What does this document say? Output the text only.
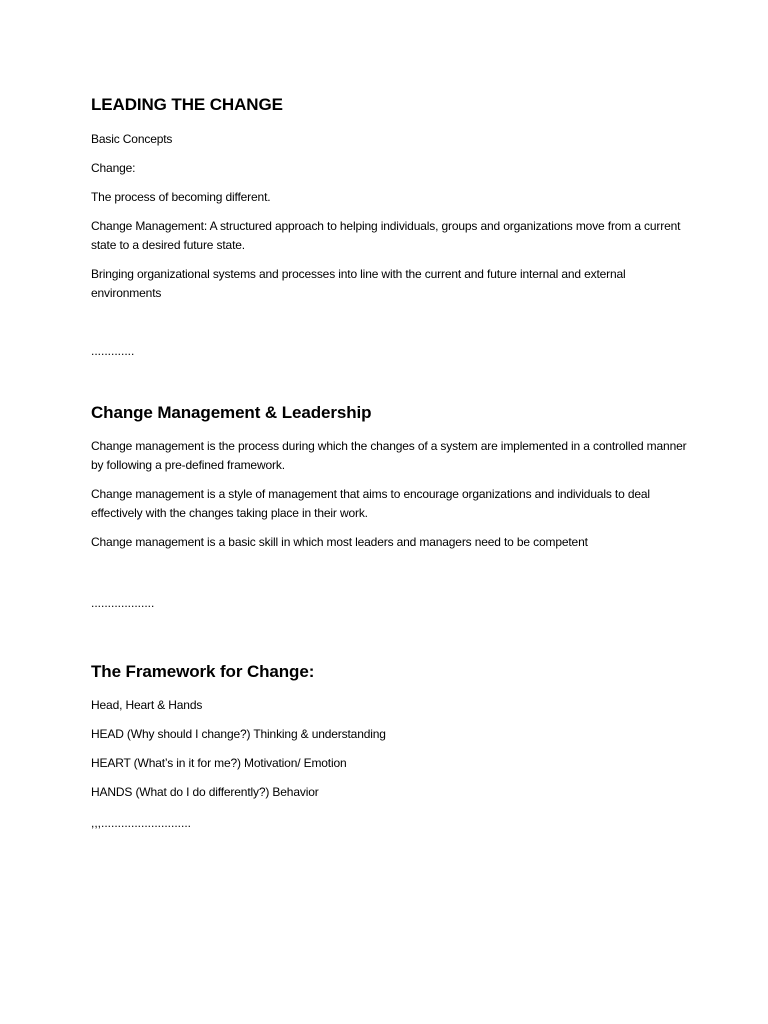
LEADING THE CHANGE
Basic Concepts
Change:
The process of becoming different.
Change Management: A structured approach to helping individuals, groups and organizations move from a current state to a desired future state.
Bringing organizational systems and processes into line with the current and future internal and external environments
.............
Change Management & Leadership
Change management is the process during which the changes of a system are implemented in a controlled manner by following a pre-defined framework.
Change management is a style of management that aims to encourage organizations and individuals to deal effectively with the changes taking place in their work.
Change management is a basic skill in which most leaders and managers need to be competent
...................
The Framework for Change:
Head, Heart & Hands
HEAD (Why should I change?) Thinking & understanding
HEART (What’s in it for me?) Motivation/ Emotion
HANDS (What do I do differently?) Behavior
,,,...........................
